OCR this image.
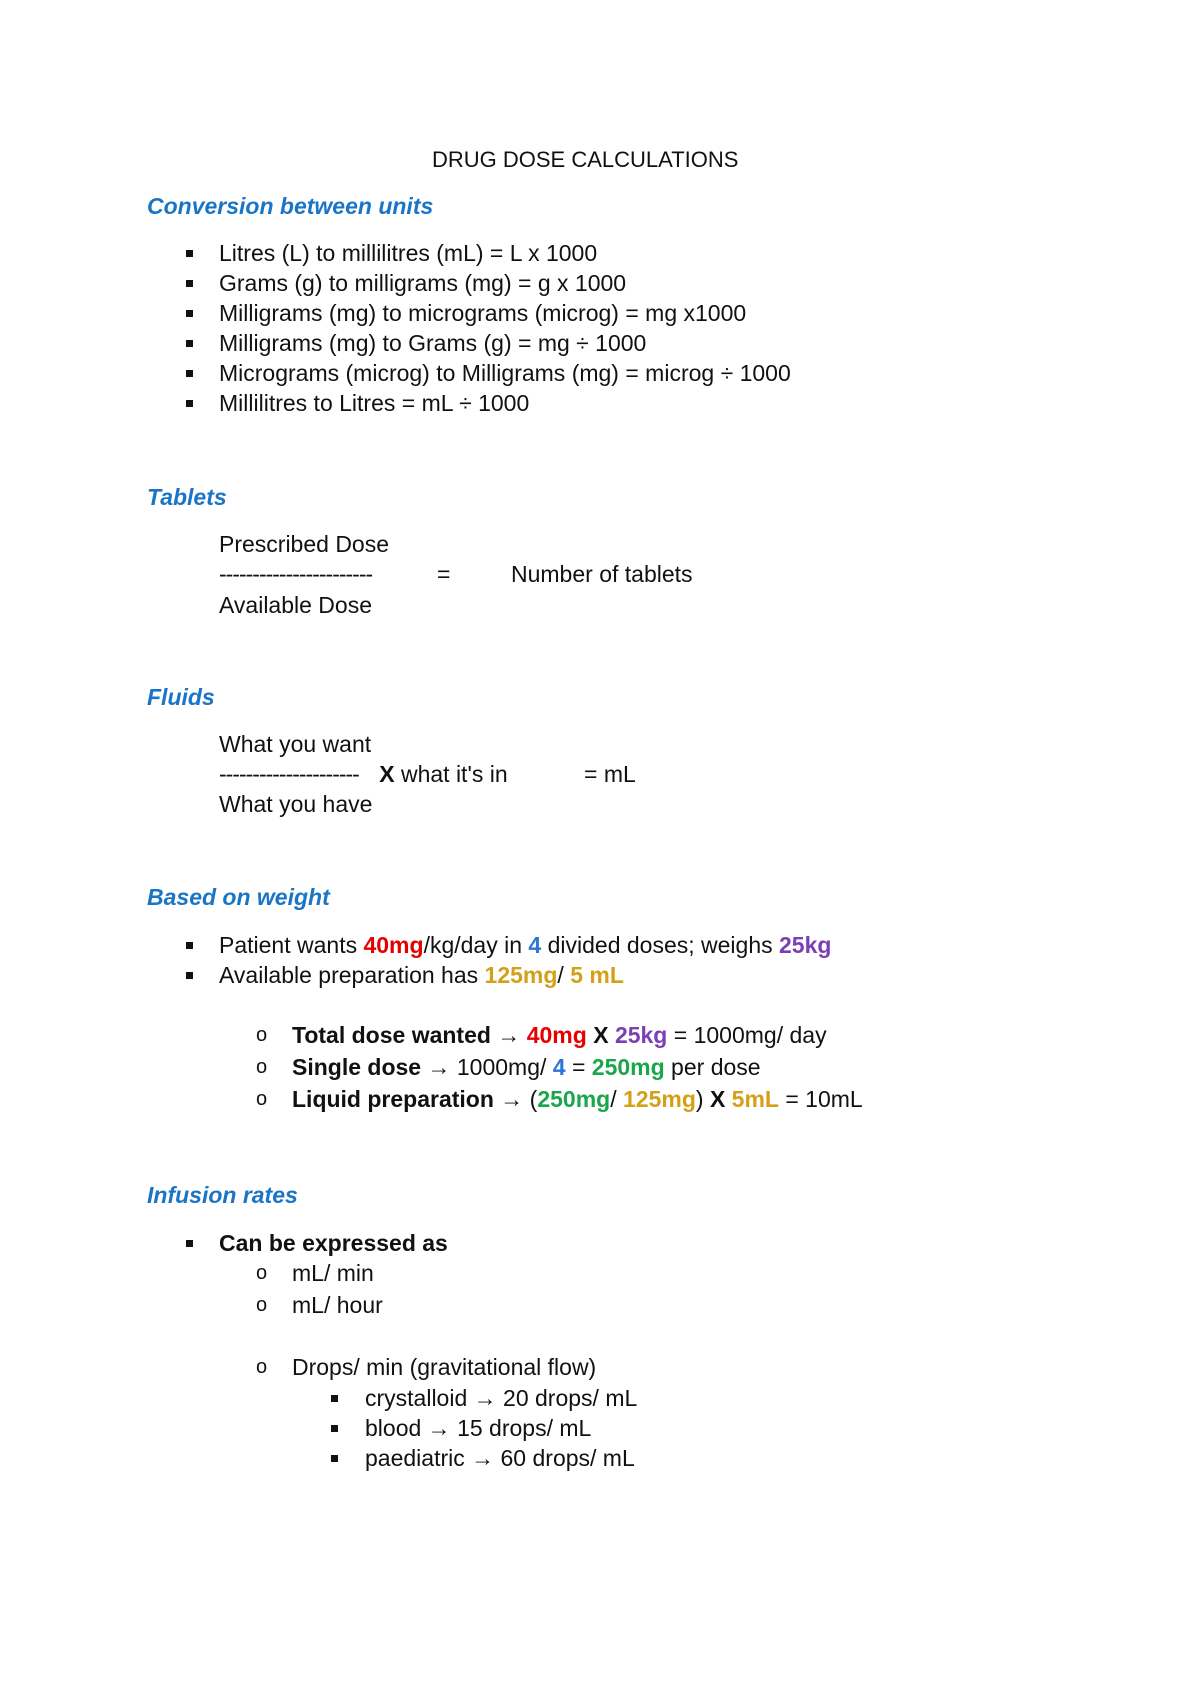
DRUG DOSE CALCULATIONS
Conversion between units
Litres (L) to millilitres (mL) = L x 1000
Grams (g) to milligrams (mg) = g x 1000
Milligrams (mg) to micrograms (microg) = mg x1000
Milligrams (mg) to Grams (g) = mg ÷ 1000
Micrograms (microg) to Milligrams (mg) = microg ÷ 1000
Millilitres to Litres = mL ÷ 1000
Tablets
Prescribed Dose
-----------------------	=	Number of tablets
Available Dose
Fluids
What you want
--------------------- X what it's in	= mL
What you have
Based on weight
Patient wants 40mg/kg/day in 4 divided doses; weighs 25kg
Available preparation has 125mg/ 5 mL
o Total dose wanted → 40mg X 25kg = 1000mg/ day
o Single dose → 1000mg/ 4 = 250mg per dose
o Liquid preparation → (250mg/ 125mg) X 5mL = 10mL
Infusion rates
Can be expressed as
o mL/ min
o mL/ hour
o Drops/ min (gravitational flow)
crystalloid → 20 drops/ mL
blood → 15 drops/ mL
paediatric → 60 drops/ mL
